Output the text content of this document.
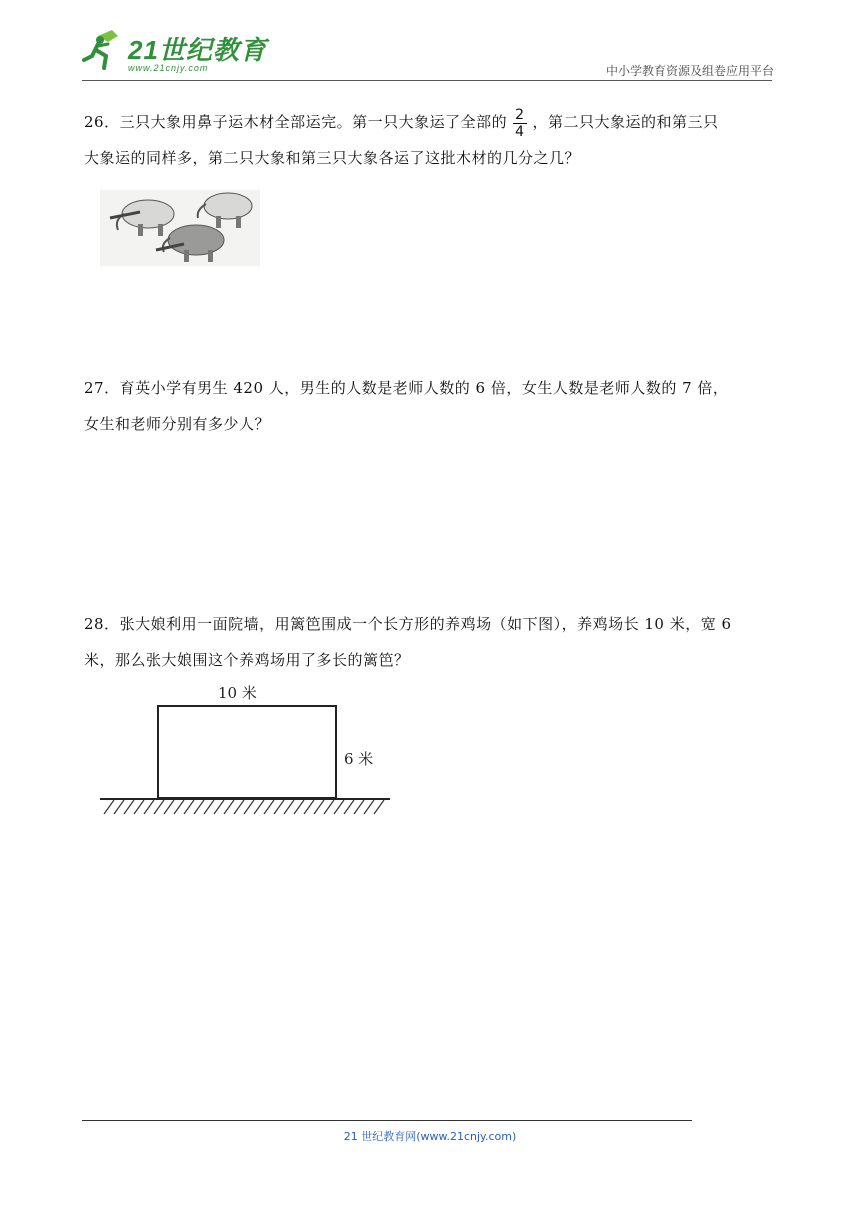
21世纪教育
www.21cnjy.com	中小学教育资源及组卷应用平台

26．三只大象用鼻子运木材全部运完。第一只大象运了全部的 $\frac{2}{4}$ ，第二只大象运的和第三只

大象运的同样多，第二只大象和第三只大象各运了这批木材的几分之几？

27．育英小学有男生 420 人，男生的人数是老师人数的 6 倍，女生人数是老师人数的 7 倍，

女生和老师分别有多少人？

28．张大娘利用一面院墙，用篱笆围成一个长方形的养鸡场（如下图），养鸡场长 10 米，宽 6

米，那么张大娘围这个养鸡场用了多长的篱笆？

10 米
6 米
21 世纪教育网(www.21cnjy.com)
